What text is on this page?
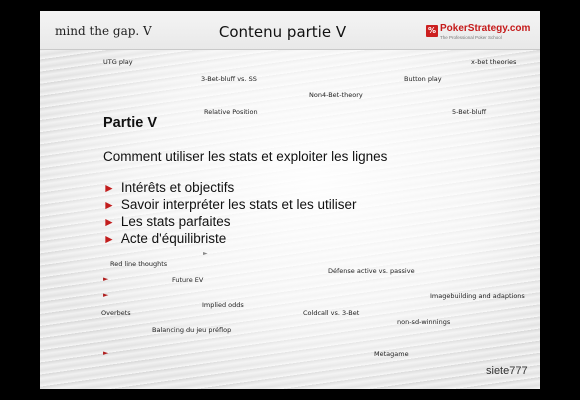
mind the gap. V	Contenu partie V	% PokerStrategy.com
The Professional Poker School
UTG play	x-bet theories
3-Bet-bluff vs. SS	Button play
Non4-Bet-theory
Relative Position	5-Bet-bluff
Partie V
Comment utiliser les stats et exploiter les lignes
► Intérêts et objectifs
► Savoir interpréter les stats et les utiliser
► Les stats parfaites
► Acte d'équilibriste
►
Red line thoughts
Défense active vs. passive
►	Future EV
►	Imagebuilding and adaptions
Implied odds
Overbets	Coldcall vs. 3-Bet
non-sd-winnings
Balancing du jeu préflop
►	Metagame
siete777
